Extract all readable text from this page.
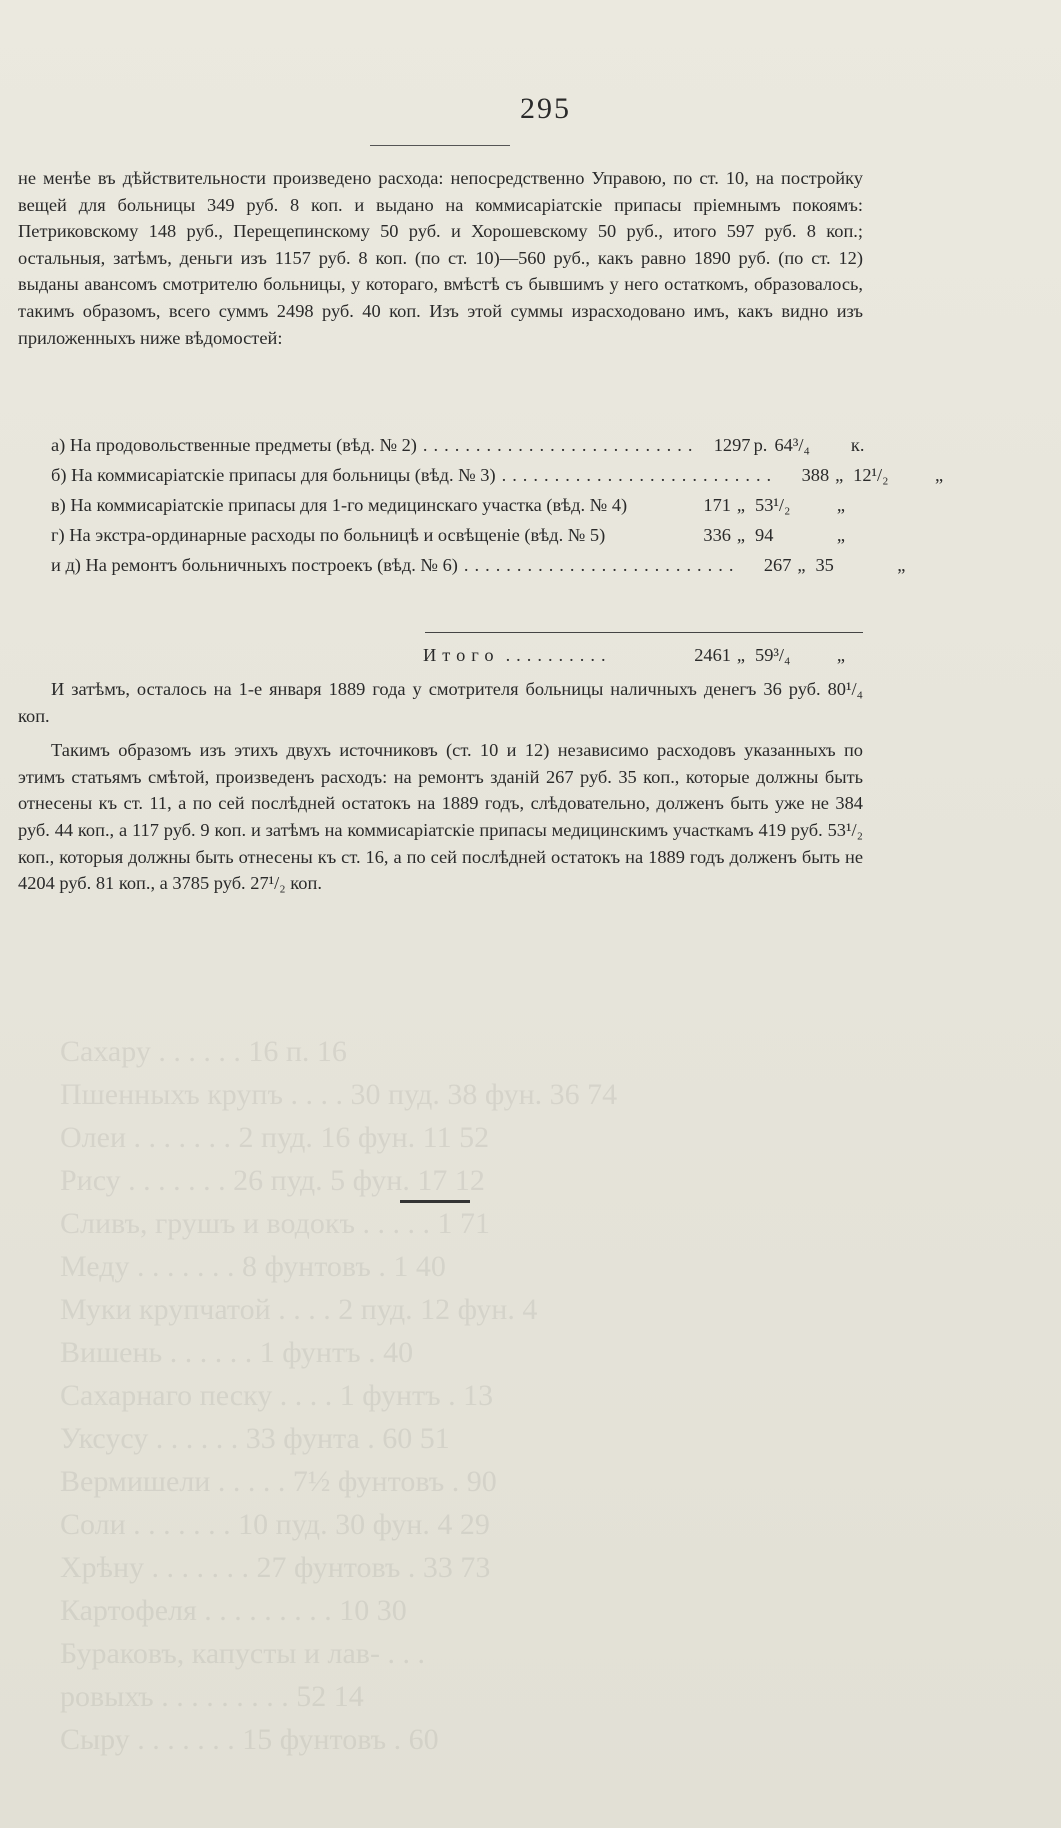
Сахару . . . . . . 16 п. 16
Пшенныхъ крупъ . . . . 30 пуд. 38 фун. 36 74
Олеи . . . . . . . 2 пуд. 16 фун. 11 52
Рису . . . . . . . 26 пуд. 5 фун. 17 12
Сливъ, грушъ и водокъ . . . . . 1 71
Меду . . . . . . . 8 фунтовъ . 1 40
Муки крупчатой . . . . 2 пуд. 12 фун. 4
Вишень . . . . . . 1 фунтъ . 40
Сахарнаго песку . . . . 1 фунтъ . 13
Уксусу . . . . . . 33 фунта . 60 51
Вермишели . . . . . 7½ фунтовъ . 90
Соли . . . . . . . 10 пуд. 30 фун. 4 29
Хрѣну . . . . . . . 27 фунтовъ . 33 73
Картофеля . . . . . . . . . 10 30
Бураковъ, капусты и лав- . . .
ровыхъ . . . . . . . . . 52 14
Сыру . . . . . . . 15 фунтовъ . 60
295
не менѣе въ дѣйствительности произведено расхода: непосредственно Управою, по ст. 10, на постройку вещей для больницы 349 руб. 8 коп. и выдано на коммисаріатскіе припасы пріемнымъ покоямъ: Петриковскому 148 руб., Перещепинскому 50 руб. и Хорошевскому 50 руб., итого 597 руб. 8 коп.; остальныя, затѣмъ, деньги изъ 1157 руб. 8 коп. (по ст. 10)—560 руб., какъ равно 1890 руб. (по ст. 12) выданы авансомъ смотрителю больницы, у котораго, вмѣстѣ съ бывшимъ у него остаткомъ, образовалось, такимъ образомъ, всего суммъ 2498 руб. 40 коп. Изъ этой суммы израсходовано имъ, какъ видно изъ приложенныхъ ниже вѣдомостей:
а) На продовольственные предметы (вѣд. № 2) .......................... 1297 р. 64³/₄	к.
б) На коммисаріатскіе припасы для больницы (вѣд. № 3) ..........................	388 „ 12¹/₂	„
в) На коммисаріатскіе припасы для 1-го медицинскаго участка (вѣд. № 4)	171 „ 53¹/₂	„
г) На экстра-ординарные расходы по больницѣ и освѣщеніе (вѣд. № 5)	336 „ 94	„
и д) На ремонтъ больничныхъ построекъ (вѣд. № 6) ..........................	267 „ 35	„
Итого ..........	2461 „ 59³/₄	„

И затѣмъ, осталось на 1-е января 1889 года у смотрителя больницы наличныхъ денегъ 36 руб. 80¹/₄ коп.

Такимъ образомъ изъ этихъ двухъ источниковъ (ст. 10 и 12) независимо расходовъ указанныхъ по этимъ статьямъ смѣтой, произведенъ расходъ: на ремонтъ зданій 267 руб. 35 коп., которые должны быть отнесены къ ст. 11, а по сей послѣдней остатокъ на 1889 годъ, слѣдовательно, долженъ быть уже не 384 руб. 44 коп., а 117 руб. 9 коп. и затѣмъ на коммисаріатскіе припасы медицинскимъ участкамъ 419 руб. 53¹/₂ коп., которыя должны быть отнесены къ ст. 16, а по сей послѣдней остатокъ на 1889 годъ долженъ быть не 4204 руб. 81 коп., а 3785 руб. 27¹/₂ коп.
